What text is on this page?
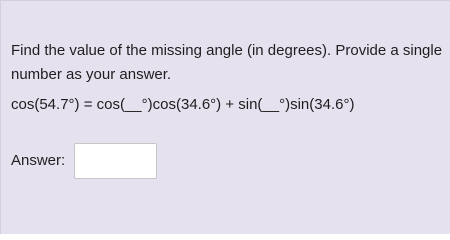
Find the value of the missing angle (in degrees). Provide a single number as your answer.
cos(54.7°) = cos(__°)cos(34.6°) + sin(__°)sin(34.6°)
Answer:
